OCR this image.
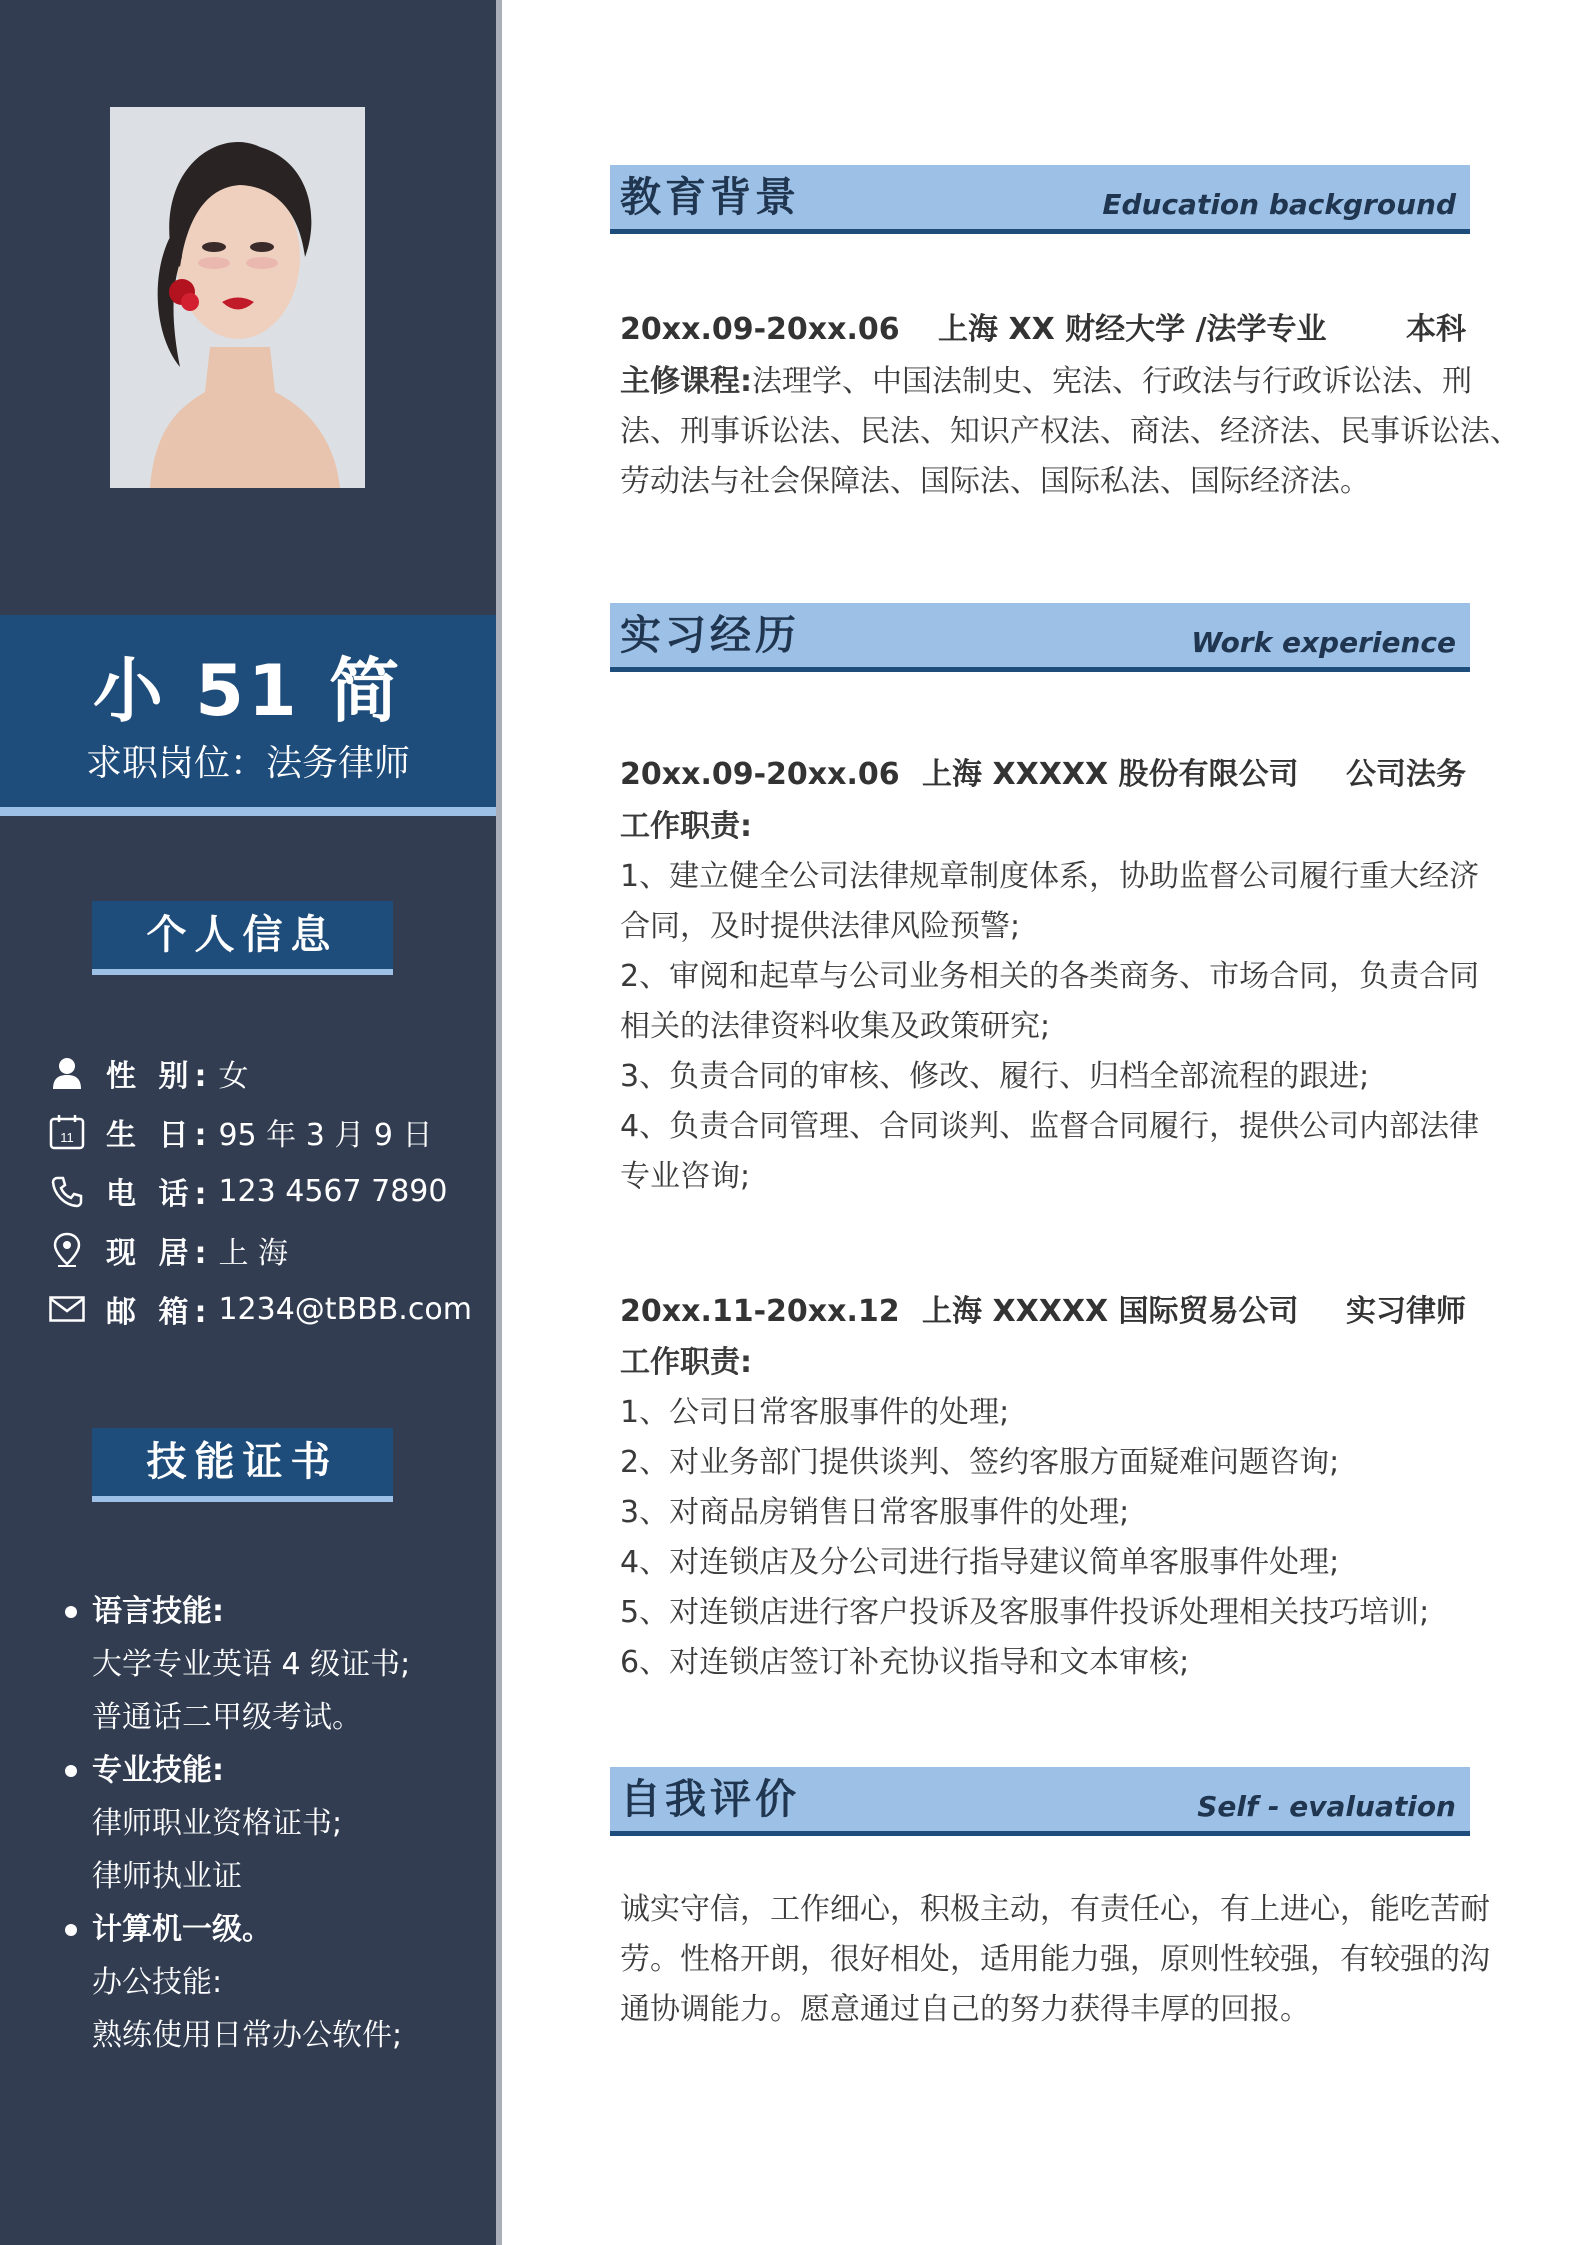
小 51 简
求职岗位：法务律师
个人信息
性 别: 女
11 生 日: 95 年 3 月 9 日
电 话: 123 4567 7890
现 居: 上 海
邮 箱: 1234@tBBB.com
技能证书
语言技能:
大学专业英语 4 级证书;
普通话二甲级考试。
专业技能:
律师职业资格证书;
律师执业证
计算机一级。
办公技能:
熟练使用日常办公软件;
教育背景	Education background
20xx.09-20xx.06 上海 XX 财经大学 /法学专业	本科
主修课程:法理学、中国法制史、宪法、行政法与行政诉讼法、刑
法、刑事诉讼法、民法、知识产权法、商法、经济法、民事诉讼法、
劳动法与社会保障法、国际法、国际私法、国际经济法。
实习经历	Work experience
20xx.09-20xx.06 上海 XXXXX 股份有限公司 公司法务
工作职责:
1、建立健全公司法律规章制度体系，协助监督公司履行重大经济
合同，及时提供法律风险预警;
2、审阅和起草与公司业务相关的各类商务、市场合同，负责合同
相关的法律资料收集及政策研究;
3、负责合同的审核、修改、履行、归档全部流程的跟进;
4、负责合同管理、合同谈判、监督合同履行，提供公司内部法律
专业咨询;
20xx.11-20xx.12 上海 XXXXX 国际贸易公司 实习律师
工作职责:
1、公司日常客服事件的处理;
2、对业务部门提供谈判、签约客服方面疑难问题咨询;
3、对商品房销售日常客服事件的处理;
4、对连锁店及分公司进行指导建议简单客服事件处理;
5、对连锁店进行客户投诉及客服事件投诉处理相关技巧培训;
6、对连锁店签订补充协议指导和文本审核;
自我评价	Self - evaluation
诚实守信，工作细心，积极主动，有责任心，有上进心，能吃苦耐
劳。性格开朗，很好相处，适用能力强，原则性较强，有较强的沟
通协调能力。愿意通过自己的努力获得丰厚的回报。
